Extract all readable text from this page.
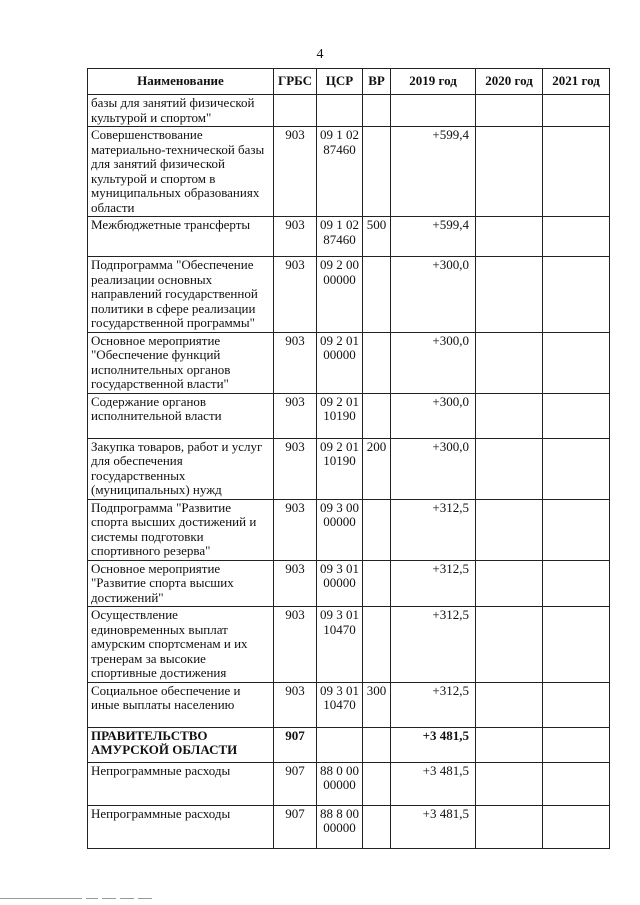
4
Наименование	ГРБС	ЦСР	ВР	2019 год	2020 год	2021 год
базы для занятий физической культурой и спортом"						
Совершенствование материально-технической базы для занятий физической культурой и спортом в муниципальных образованиях области	903	09 1 02 87460		+599,4		
Межбюджетные трансферты	903	09 1 02 87460	500	+599,4		
Подпрограмма "Обеспечение реализации основных направлений государственной политики в сфере реализации государственной программы"	903	09 2 00 00000		+300,0		
Основное мероприятие "Обеспечение функций исполнительных органов государственной власти"	903	09 2 01 00000		+300,0		
Содержание органов исполнительной власти	903	09 2 01 10190		+300,0		
Закупка товаров, работ и услуг для обеспечения государственных (муниципальных) нужд	903	09 2 01 10190	200	+300,0		
Подпрограмма "Развитие спорта высших достижений и системы подготовки спортивного резерва"	903	09 3 00 00000		+312,5		
Основное мероприятие "Развитие спорта высших достижений"	903	09 3 01 00000		+312,5		
Осуществление единовременных выплат амурским спортсменам и их тренерам за высокие спортивные достижения	903	09 3 01 10470		+312,5		
Социальное обеспечение и иные выплаты населению	903	09 3 01 10470	300	+312,5		
ПРАВИТЕЛЬСТВО АМУРСКОЙ ОБЛАСТИ	907			+3 481,5		
Непрограммные расходы	907	88 0 00 00000		+3 481,5		
Непрограммные расходы	907	88 8 00 00000		+3 481,5		
